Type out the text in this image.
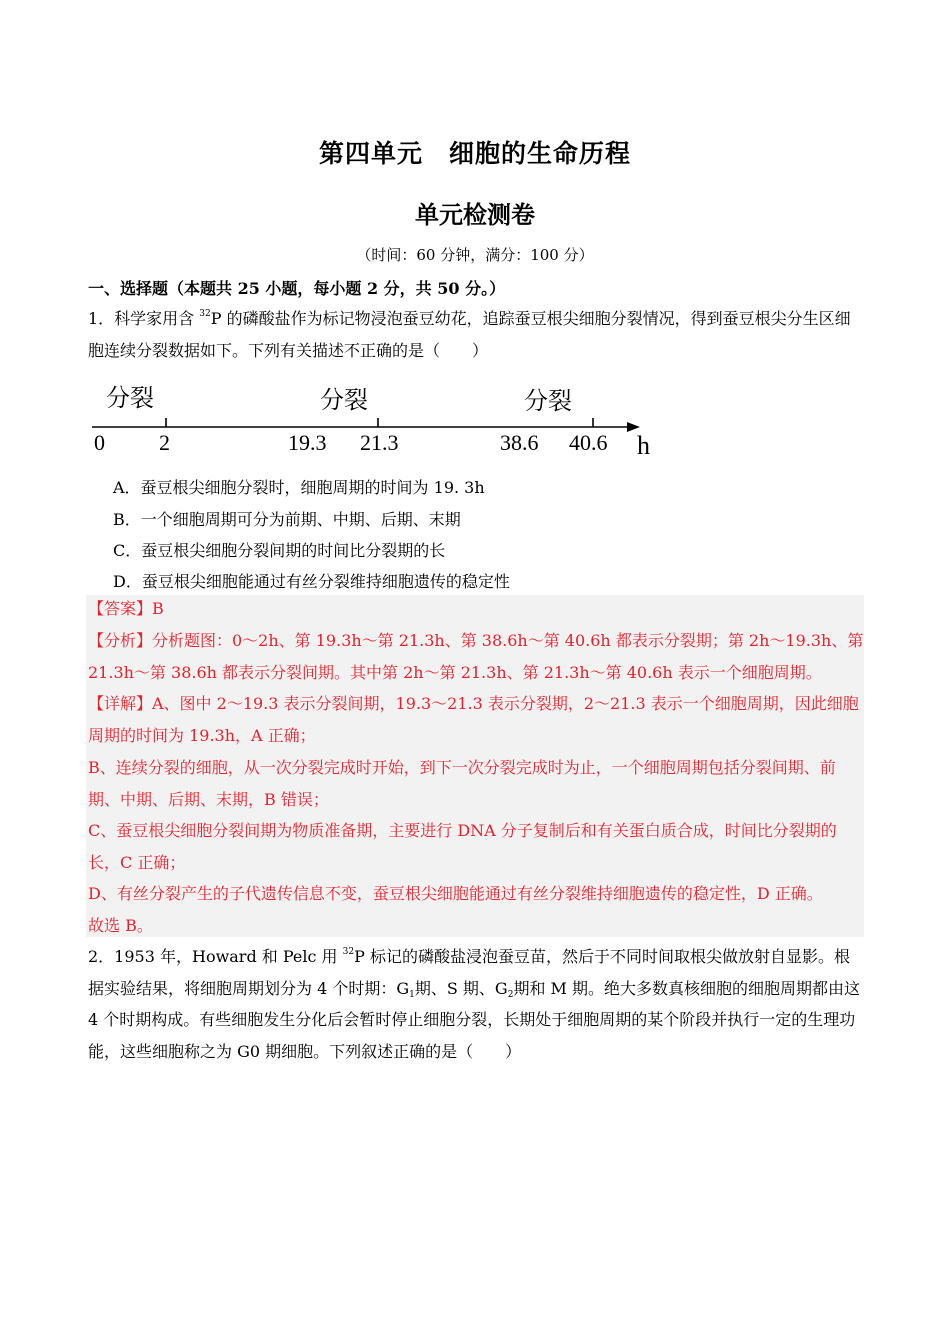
第四单元　细胞的生命历程
单元检测卷
（时间：60 分钟，满分：100 分）
一、选择题（本题共 25 小题，每小题 2 分，共 50 分。）
1．科学家用含 $^{32}$P 的磷酸盐作为标记物浸泡蚕豆幼花，追踪蚕豆根尖细胞分裂情况，得到蚕豆根尖分生区细胞连续分裂数据如下。下列有关描述不正确的是（　　）
分裂	分裂	分裂
0 2	19.3 21.3	38.6 40.6 h
A．蚕豆根尖细胞分裂时，细胞周期的时间为 19. 3h
B．一个细胞周期可分为前期、中期、后期、末期
C．蚕豆根尖细胞分裂间期的时间比分裂期的长
D．蚕豆根尖细胞能通过有丝分裂维持细胞遗传的稳定性
【答案】B
【分析】分析题图：0～2h、第 19.3h～第 21.3h、第 38.6h～第 40.6h 都表示分裂期；第 2h～19.3h、第 21.3h～第 38.6h 都表示分裂间期。其中第 2h～第 21.3h、第 21.3h～第 40.6h 表示一个细胞周期。
【详解】A、图中 2～19.3 表示分裂间期，19.3～21.3 表示分裂期，2～21.3 表示一个细胞周期，因此细胞周期的时间为 19.3h，A 正确；
B、连续分裂的细胞，从一次分裂完成时开始，到下一次分裂完成时为止，一个细胞周期包括分裂间期、前期、中期、后期、末期，B 错误；
C、蚕豆根尖细胞分裂间期为物质准备期，主要进行 DNA 分子复制后和有关蛋白质合成，时间比分裂期的长，C 正确；
D、有丝分裂产生的子代遗传信息不变，蚕豆根尖细胞能通过有丝分裂维持细胞遗传的稳定性，D 正确。
故选 B。
2．1953 年，Howard 和 Pelc 用 $^{32}$P 标记的磷酸盐浸泡蚕豆苗，然后于不同时间取根尖做放射自显影。根据实验结果，将细胞周期划分为 4 个时期：$G_1$期、S 期、$G_2$期和 M 期。绝大多数真核细胞的细胞周期都由这 4 个时期构成。有些细胞发生分化后会暂时停止细胞分裂，长期处于细胞周期的某个阶段并执行一定的生理功能，这些细胞称之为 G0 期细胞。下列叙述正确的是（　　）
